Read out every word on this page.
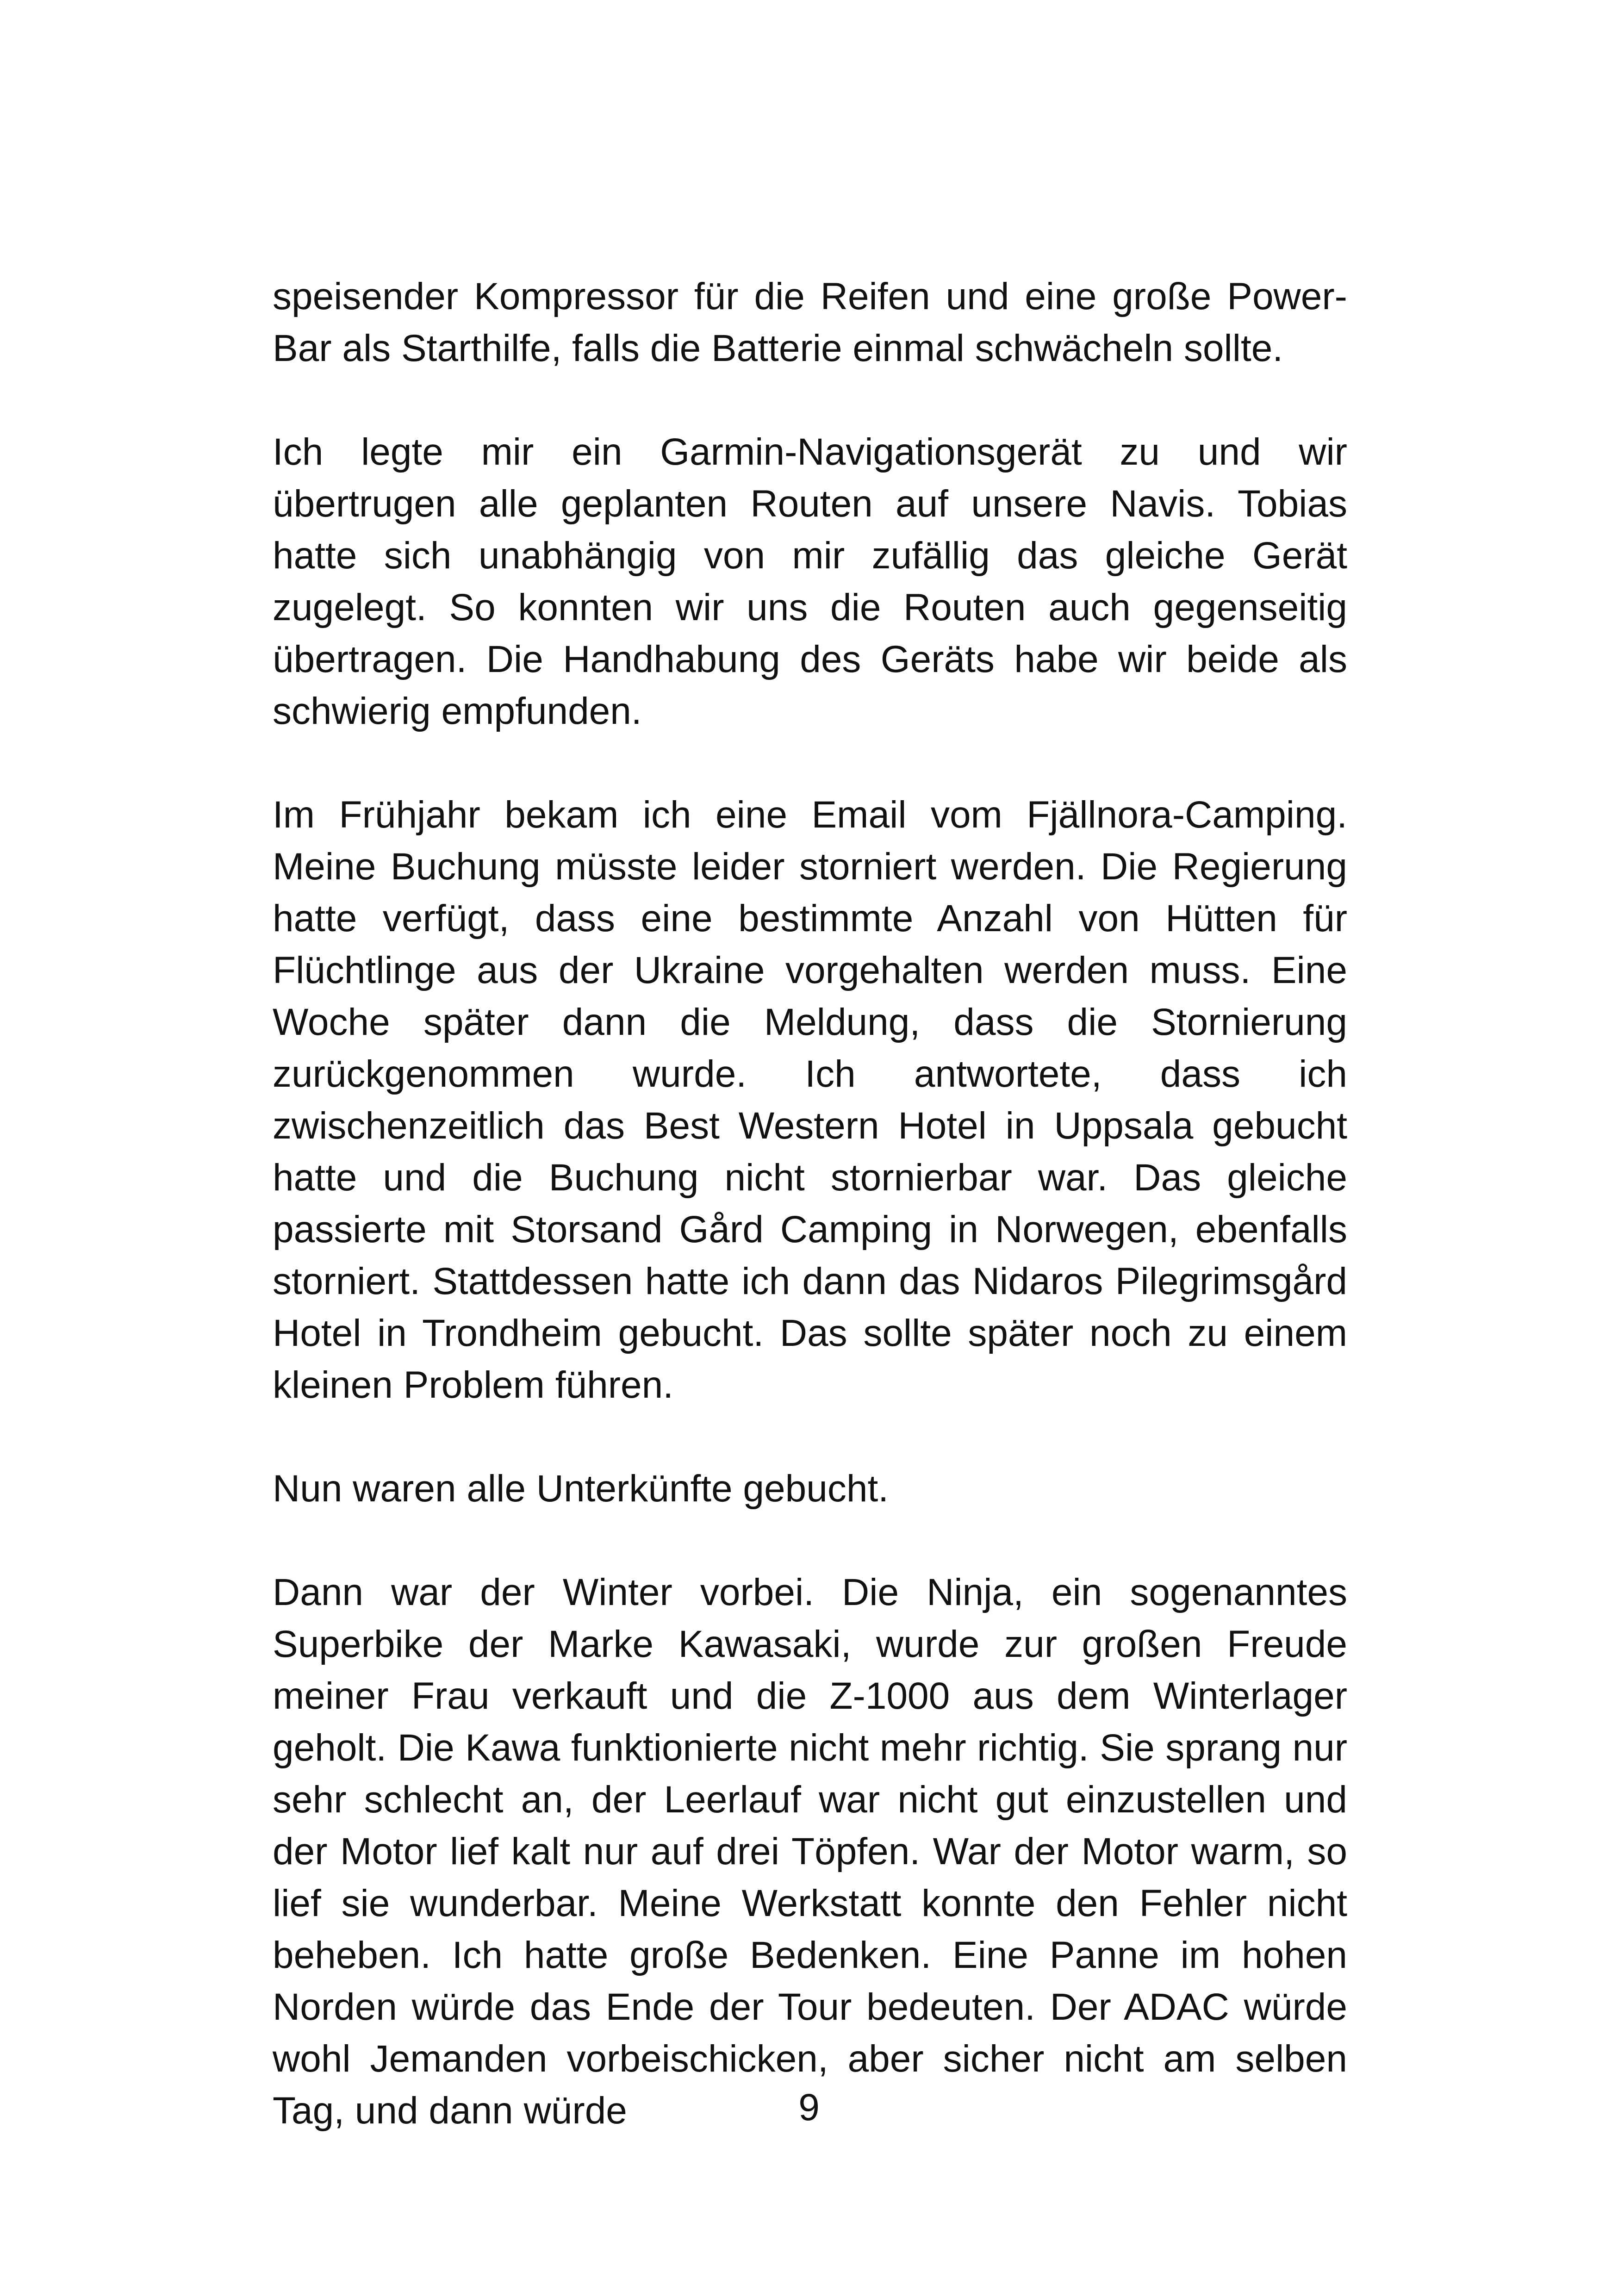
speisender Kompressor für die Reifen und eine große Power-Bar als Starthilfe, falls die Batterie einmal schwächeln sollte.

Ich legte mir ein Garmin-Navigationsgerät zu und wir übertrugen alle geplanten Routen auf unsere Navis. Tobias hatte sich unabhängig von mir zufällig das gleiche Gerät zugelegt. So konnten wir uns die Routen auch gegenseitig übertragen. Die Handhabung des Geräts habe wir beide als schwierig empfunden.

Im Frühjahr bekam ich eine Email vom Fjällnora-Camping. Meine Buchung müsste leider storniert werden. Die Regierung hatte verfügt, dass eine bestimmte Anzahl von Hütten für Flüchtlinge aus der Ukraine vorgehalten werden muss. Eine Woche später dann die Meldung, dass die Stornierung zurückgenommen wurde. Ich antwortete, dass ich zwischenzeitlich das Best Western Hotel in Uppsala gebucht hatte und die Buchung nicht stornierbar war. Das gleiche passierte mit Storsand Gård Camping in Norwegen, ebenfalls storniert. Stattdessen hatte ich dann das Nidaros Pilegrimsgård Hotel in Trondheim gebucht. Das sollte später noch zu einem kleinen Problem führen.

Nun waren alle Unterkünfte gebucht.

Dann war der Winter vorbei. Die Ninja, ein sogenanntes Superbike der Marke Kawasaki, wurde zur großen Freude meiner Frau verkauft und die Z-1000 aus dem Winterlager geholt. Die Kawa funktionierte nicht mehr richtig. Sie sprang nur sehr schlecht an, der Leerlauf war nicht gut einzustellen und der Motor lief kalt nur auf drei Töpfen. War der Motor warm, so lief sie wunderbar. Meine Werkstatt konnte den Fehler nicht beheben. Ich hatte große Bedenken. Eine Panne im hohen Norden würde das Ende der Tour bedeuten. Der ADAC würde wohl Jemanden vorbeischicken, aber sicher nicht am selben Tag, und dann würde	9
